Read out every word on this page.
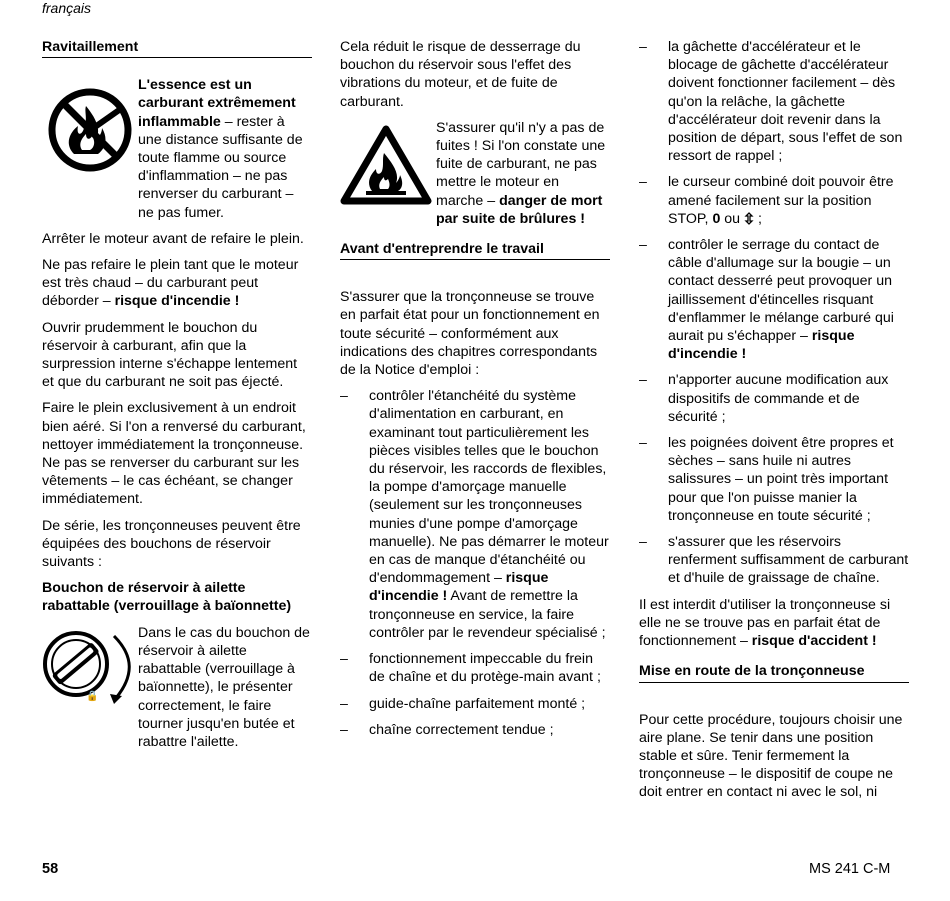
français
Ravitaillement
L'essence est un carburant extrêmement inflammable – rester à une distance suffisante de toute flamme ou source d'inflammation – ne pas renverser du carburant – ne pas fumer.

Arrêter le moteur avant de refaire le plein.

Ne pas refaire le plein tant que le moteur est très chaud – du carburant peut déborder – risque d'incendie !

Ouvrir prudemment le bouchon du réservoir à carburant, afin que la surpression interne s'échappe lentement et que du carburant ne soit pas éjecté.

Faire le plein exclusivement à un endroit bien aéré. Si l'on a renversé du carburant, nettoyer immédiatement la tronçonneuse. Ne pas se renverser du carburant sur les vêtements – le cas échéant, se changer immédiatement.

De série, les tronçonneuses peuvent être équipées des bouchons de réservoir suivants :

Bouchon de réservoir à ailette rabattable (verrouillage à baïonnette)

🔒
Dans le cas du bouchon de réservoir à ailette rabattable (verrouillage à baïonnette), le présenter correctement, le faire tourner jusqu'en butée et rabattre l'ailette.

Cela réduit le risque de desserrage du bouchon du réservoir sous l'effet des vibrations du moteur, et de fuite de carburant.

S'assurer qu'il n'y a pas de fuites ! Si l'on constate une fuite de carburant, ne pas mettre le moteur en marche – danger de mort par suite de brûlures !
Avant d'entreprendre le travail

S'assurer que la tronçonneuse se trouve en parfait état pour un fonctionnement en toute sécurité – conformément aux indications des chapitres correspondants de la Notice d'emploi :

–	contrôler l'étanchéité du système d'alimentation en carburant, en examinant tout particulièrement les pièces visibles telles que le bouchon du réservoir, les raccords de flexibles, la pompe d'amorçage manuelle (seulement sur les tronçonneuses munies d'une pompe d'amorçage manuelle). Ne pas démarrer le moteur en cas de manque d'étanchéité ou d'endommagement – risque d'incendie ! Avant de remettre la tronçonneuse en service, la faire contrôler par le revendeur spécialisé ;
–	fonctionnement impeccable du frein de chaîne et du protège-main avant ;
–	guide-chaîne parfaitement monté ;
–	chaîne correctement tendue ;
–	la gâchette d'accélérateur et le blocage de gâchette d'accélérateur doivent fonctionner facilement – dès qu'on la relâche, la gâchette d'accélérateur doit revenir dans la position de départ, sous l'effet de son ressort de rappel ;
–	le curseur combiné doit pouvoir être amené facilement sur la position STOP, 0 ou  ;
–	contrôler le serrage du contact de câble d'allumage sur la bougie – un contact desserré peut provoquer un jaillissement d'étincelles risquant d'enflammer le mélange carburé qui aurait pu s'échapper – risque d'incendie !
–	n'apporter aucune modification aux dispositifs de commande et de sécurité ;
–	les poignées doivent être propres et sèches – sans huile ni autres salissures – un point très important pour que l'on puisse manier la tronçonneuse en toute sécurité ;
–	s'assurer que les réservoirs renferment suffisamment de carburant et d'huile de graissage de chaîne.

Il est interdit d'utiliser la tronçonneuse si elle ne se trouve pas en parfait état de fonctionnement – risque d'accident !

Mise en route de la tronçonneuse

Pour cette procédure, toujours choisir une aire plane. Se tenir dans une position stable et sûre. Tenir fermement la tronçonneuse – le dispositif de coupe ne doit entrer en contact ni avec le sol, ni

58	MS 241 C-M
